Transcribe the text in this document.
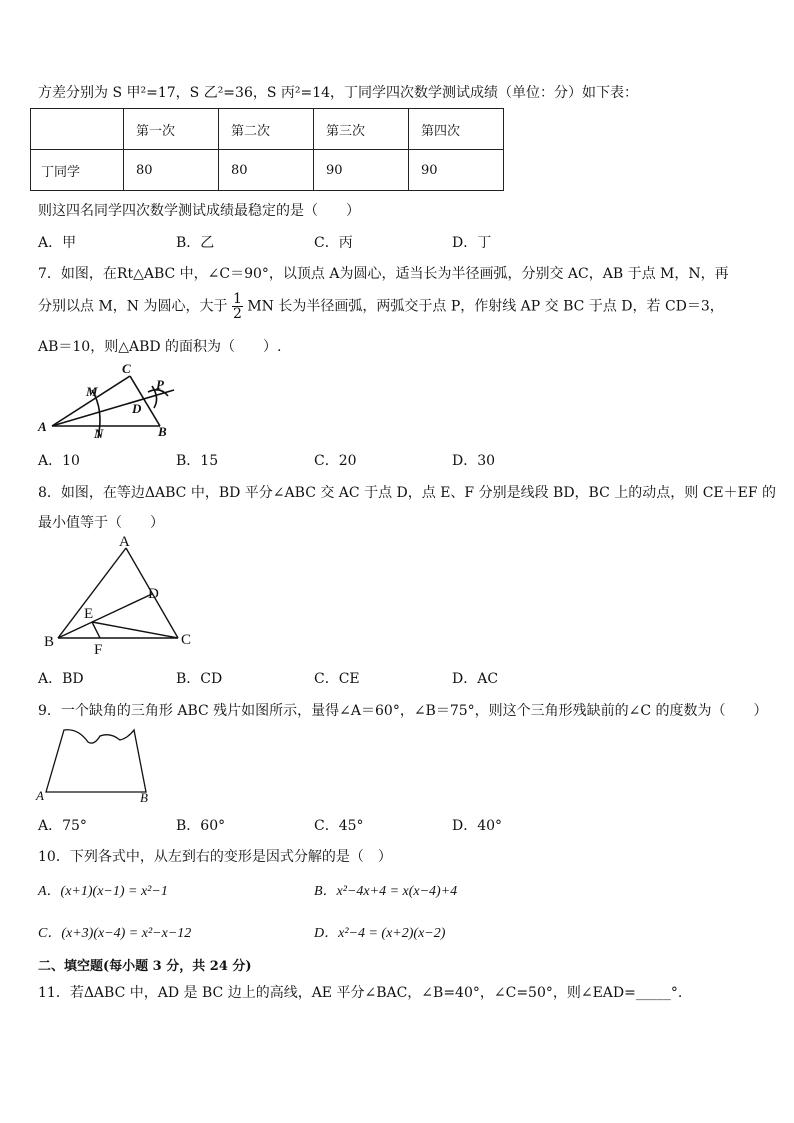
方差分别为 S 甲²=17，S 乙²=36，S 丙²=14，丁同学四次数学测试成绩（单位：分）如下表：
	第一次	第二次	第三次	第四次
丁同学	80	80	90	90
则这四名同学四次数学测试成绩最稳定的是（　　）
A．甲	B．乙	C．丙	D．丁
7．如图，在Rt△ABC 中，∠C＝90°，以顶点 A为圆心，适当长为半径画弧，分别交 AC，AB 于点 M，N，再
分别以点 M，N 为圆心，大于 $\frac{1}{2}$ MN 长为半径画弧，两弧交于点 P，作射线 AP 交 BC 于点 D，若 CD＝3，
AB＝10，则△ABD 的面积为（　　）.
C
M	P
D
A	N	B
A．10	B．15	C．20	D．30
8．如图，在等边ΔABC 中，BD 平分∠ABC 交 AC 于点 D，点 E、F 分别是线段 BD，BC 上的动点，则 CE＋EF 的
最小值等于（　　）
A
D
E
B	F
C
A．BD	B．CD	C．CE	D．AC
9．一个缺角的三角形 ABC 残片如图所示，量得∠A＝60°，∠B＝75°，则这个三角形残缺前的∠C 的度数为（　　）
A	B
A．75°	B．60°	C．45°	D．40°
10．下列各式中，从左到右的变形是因式分解的是（　）
A．(x+1)(x−1) = x²−1	B．x²−4x+4 = x(x−4)+4
C．(x+3)(x−4) = x²−x−12	D．x²−4 = (x+2)(x−2)
二、填空题(每小题 3 分，共 24 分)
11．若ΔABC 中，AD 是 BC 边上的高线，AE 平分∠BAC，∠B=40°，∠C=50°，则∠EAD=_____°.
